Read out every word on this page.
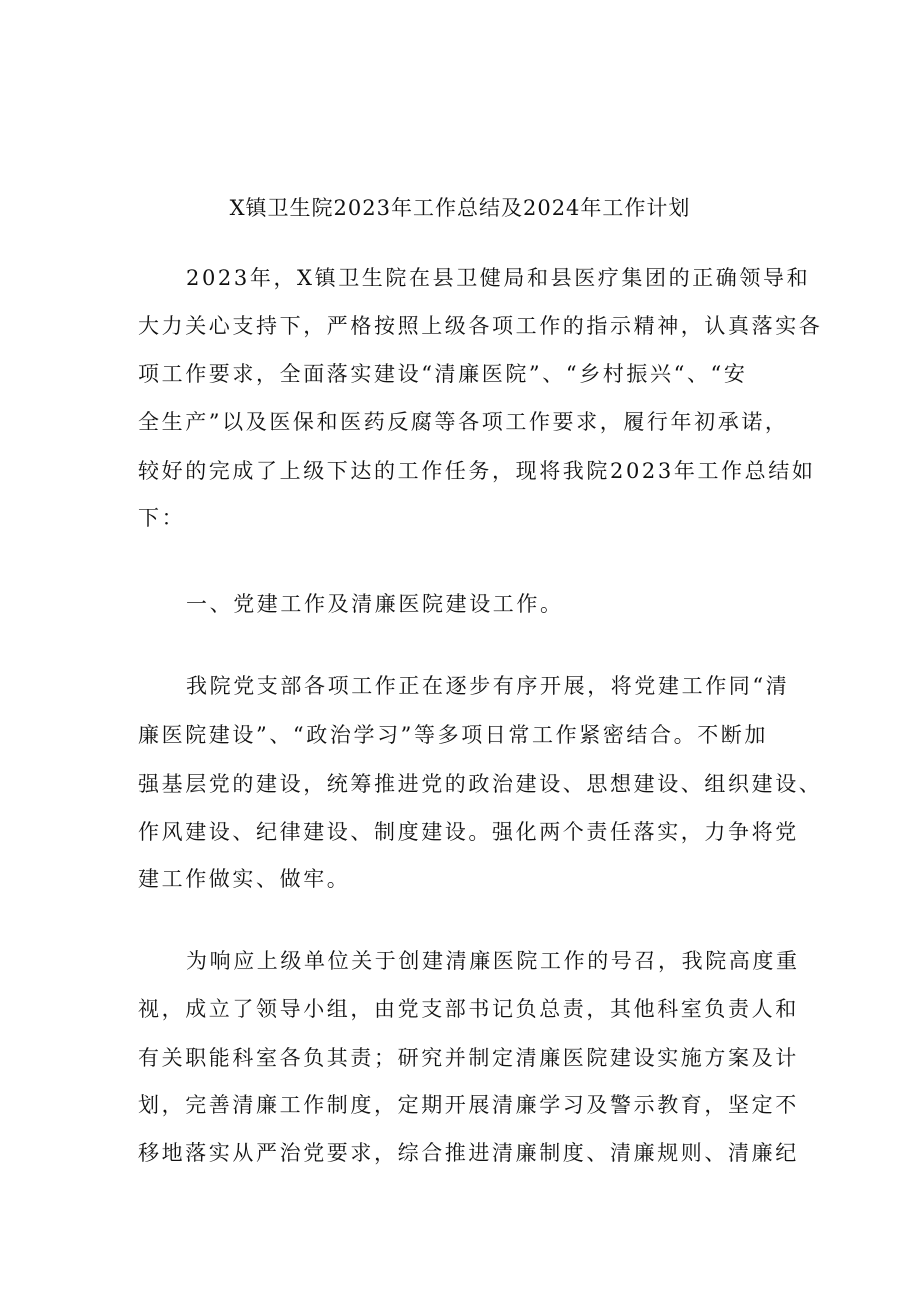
X镇卫生院2023年工作总结及2024年工作计划
2023年，X镇卫生院在县卫健局和县医疗集团的正确领导和
大力关心支持下，严格按照上级各项工作的指示精神，认真落实各
项工作要求，全面落实建设“清廉医院”、“乡村振兴“、“安
全生产”以及医保和医药反腐等各项工作要求，履行年初承诺，
较好的完成了上级下达的工作任务，现将我院2023年工作总结如
下：
一、党建工作及清廉医院建设工作。
我院党支部各项工作正在逐步有序开展，将党建工作同“清
廉医院建设”、“政治学习”等多项日常工作紧密结合。不断加
强基层党的建设，统筹推进党的政治建设、思想建设、组织建设、
作风建设、纪律建设、制度建设。强化两个责任落实，力争将党
建工作做实、做牢。
为响应上级单位关于创建清廉医院工作的号召，我院高度重
视，成立了领导小组，由党支部书记负总责，其他科室负责人和
有关职能科室各负其责；研究并制定清廉医院建设实施方案及计
划，完善清廉工作制度，定期开展清廉学习及警示教育，坚定不
移地落实从严治党要求，综合推进清廉制度、清廉规则、清廉纪
